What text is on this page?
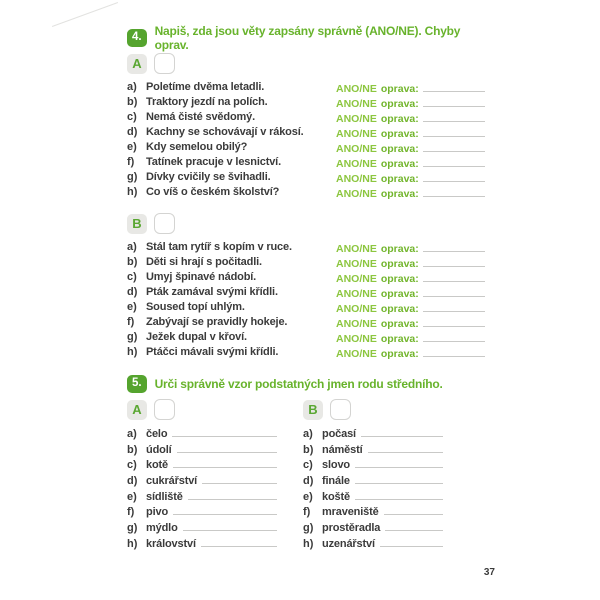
4.	Napiš, zda jsou věty zapsány správně (ANO/NE). Chyby oprav.
A
a) Poletíme dvěma letadli.	ANO/NE oprava:
b) Traktory jezdí na polích.	ANO/NE oprava:
c) Nemá čisté svědomý.	ANO/NE oprava:
d) Kachny se schovávají v rákosí.	ANO/NE oprava:
e) Kdy semelou obilý?	ANO/NE oprava:
f)	Tatínek pracuje v lesnictví.	ANO/NE oprava:
g) Dívky cvičily se švihadli.	ANO/NE oprava:
h) Co víš o českém školství?	ANO/NE oprava:
B
a) Stál tam rytíř s kopím v ruce.	ANO/NE oprava:
b) Děti si hrají s počitadli.	ANO/NE oprava:
c) Umyj špinavé nádobí.	ANO/NE oprava:
d) Pták zamával svými křídli.	ANO/NE oprava:
e) Soused topí uhlým.	ANO/NE oprava:
f)	Zabývají se pravidly hokeje.	ANO/NE oprava:
g) Ježek dupal v křoví.	ANO/NE oprava:
h) Ptáčci mávali svými křídli.	ANO/NE oprava:
5.	Urči správně vzor podstatných jmen rodu středního.
A
a) čelo
b) údolí
c) kotě
d) cukrářství
e) sídliště
f)	pivo
g) mýdlo
h) království
B
a) počasí
b) náměstí
c) slovo
d) finále
e) koště
f)	mraveniště
g) prostěradla
h) uzenářství
37
